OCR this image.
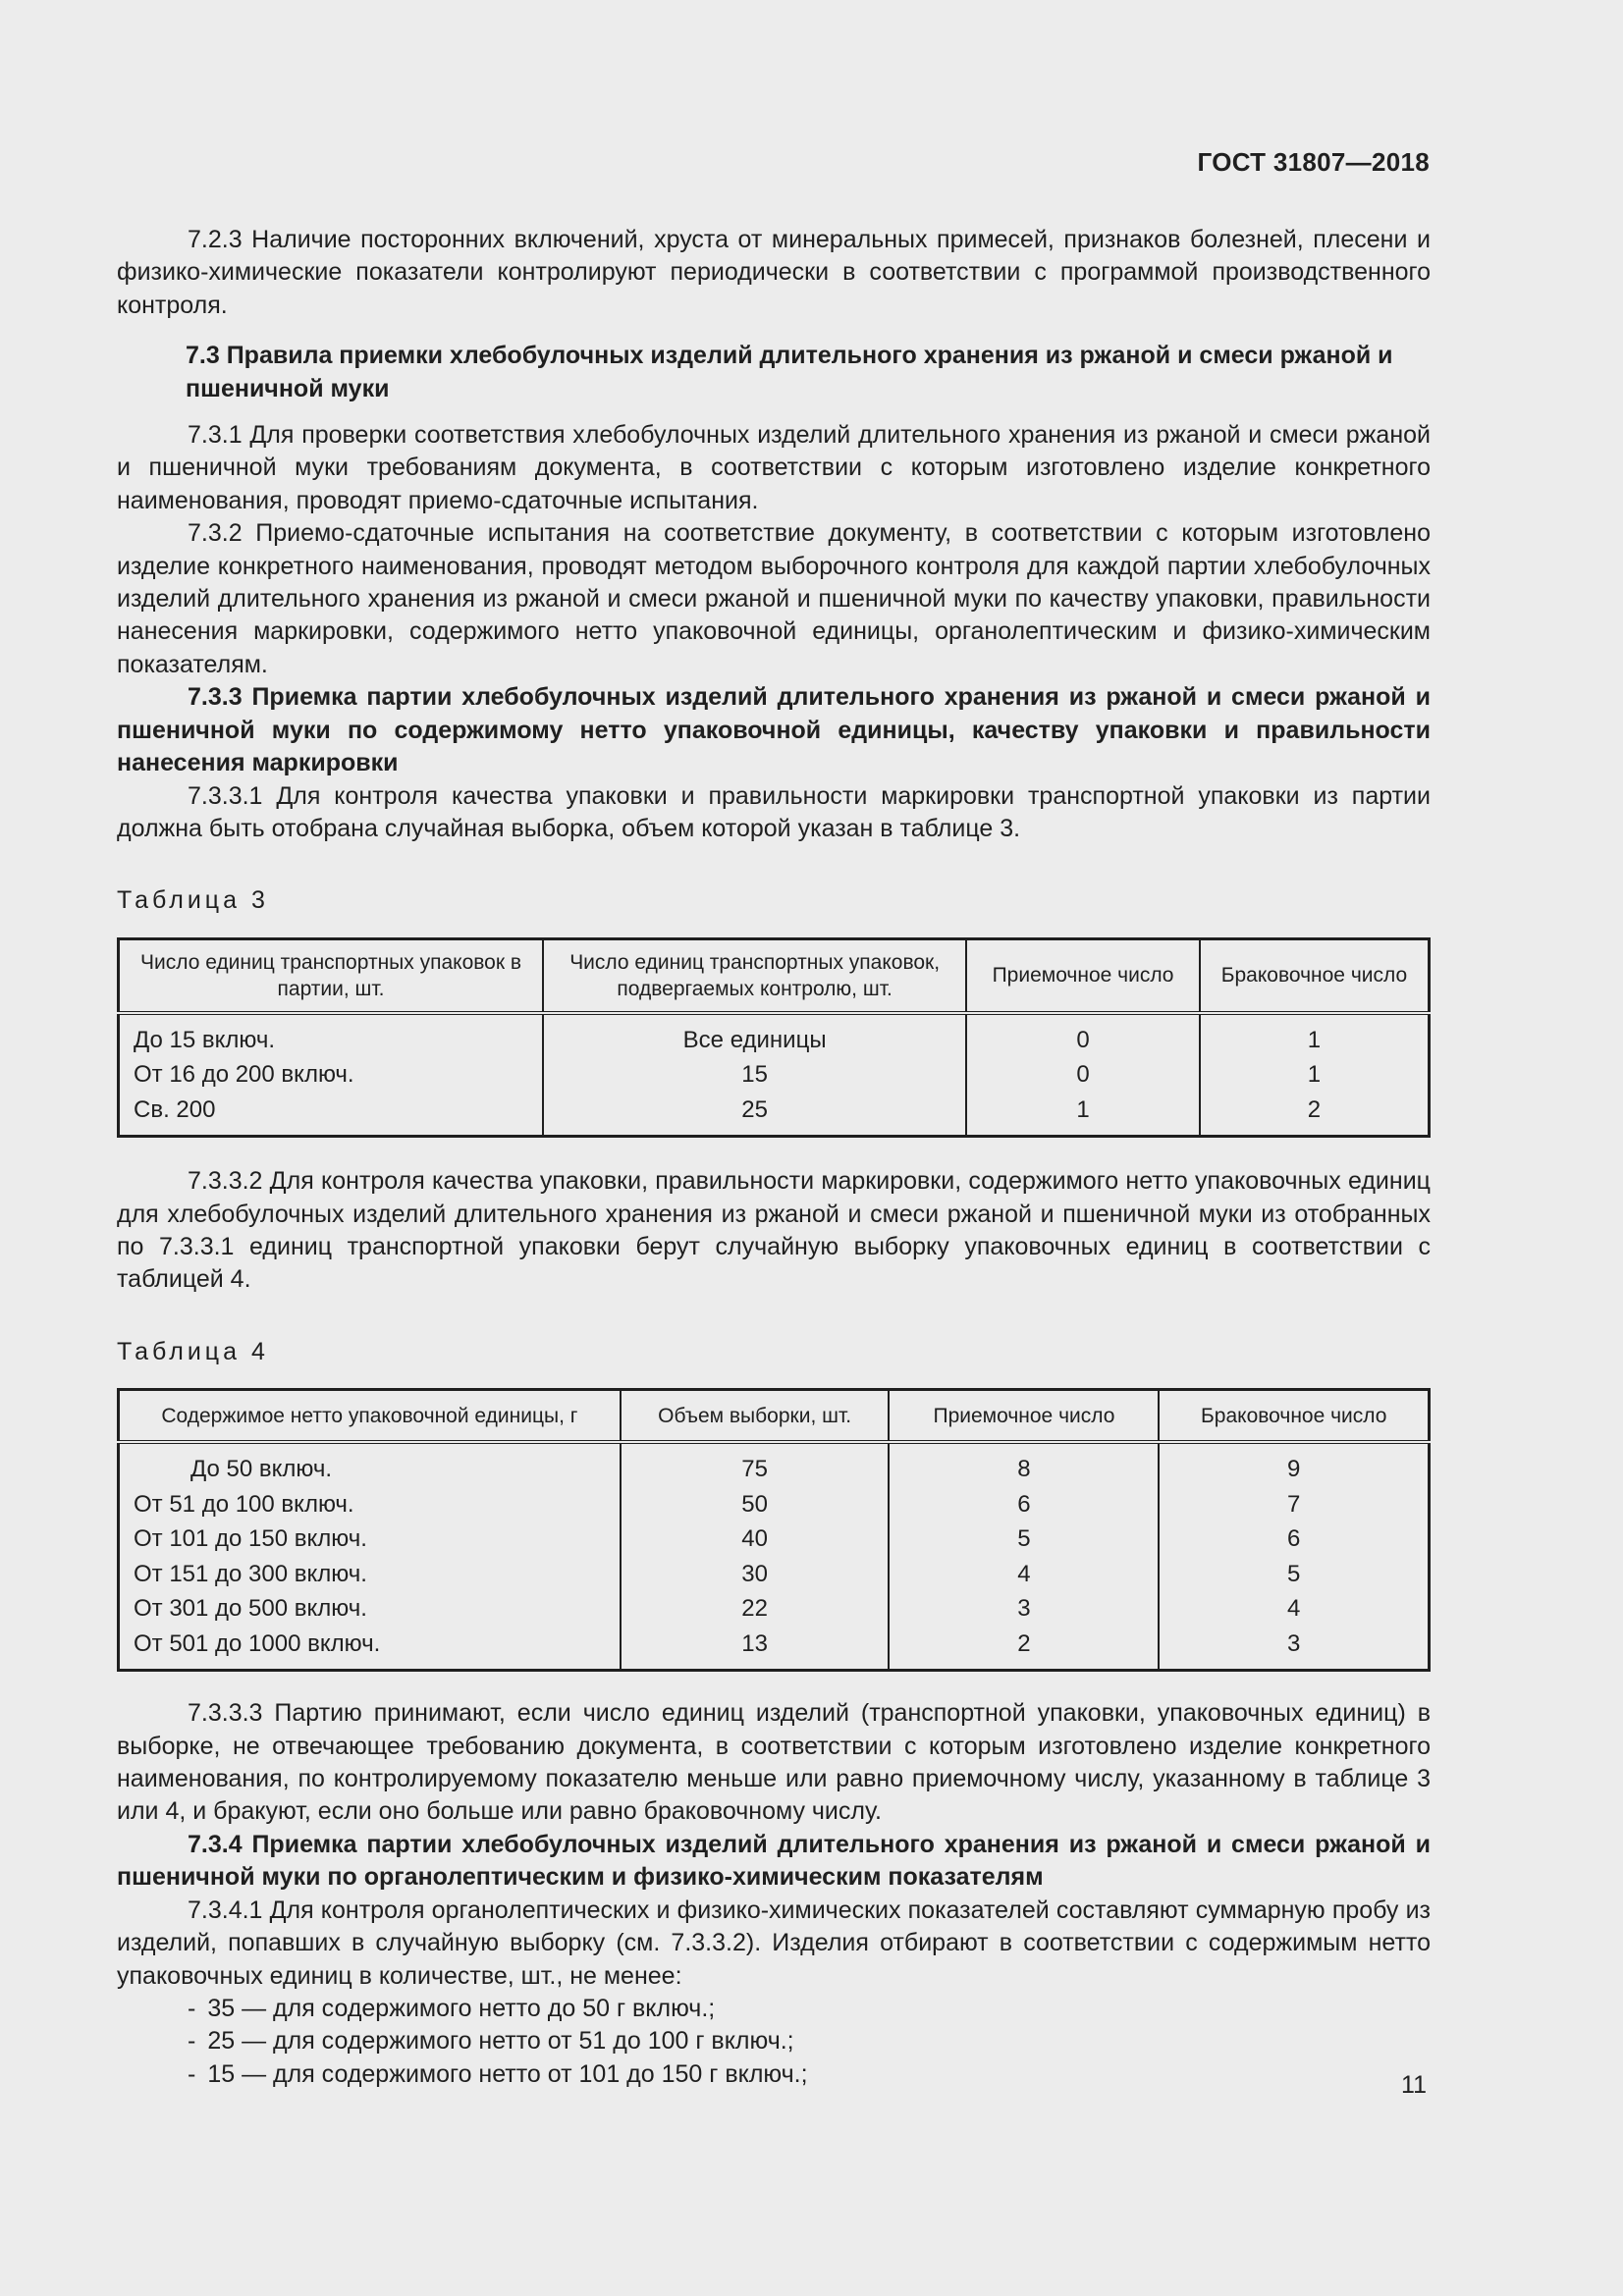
ГОСТ 31807—2018

7.2.3 Наличие посторонних включений, хруста от минеральных примесей, признаков болезней, плесени и физико-химические показатели контролируют периодически в соответствии с программой производственного контроля.

7.3 Правила приемки хлебобулочных изделий длительного хранения из ржаной и смеси ржаной и пшеничной муки

7.3.1 Для проверки соответствия хлебобулочных изделий длительного хранения из ржаной и смеси ржаной и пшеничной муки требованиям документа, в соответствии с которым изготовлено изделие конкретного наименования, проводят приемо-сдаточные испытания.

7.3.2 Приемо-сдаточные испытания на соответствие документу, в соответствии с которым изготовлено изделие конкретного наименования, проводят методом выборочного контроля для каждой партии хлебобулочных изделий длительного хранения из ржаной и смеси ржаной и пшеничной муки по качеству упаковки, правильности нанесения маркировки, содержимого нетто упаковочной единицы, органолептическим и физико-химическим показателям.

7.3.3 Приемка партии хлебобулочных изделий длительного хранения из ржаной и смеси ржаной и пшеничной муки по содержимому нетто упаковочной единицы, качеству упаковки и правильности нанесения маркировки

7.3.3.1 Для контроля качества упаковки и правильности маркировки транспортной упаковки из партии должна быть отобрана случайная выборка, объем которой указан в таблице 3.

Таблица 3
Число единиц транспортных упаковок в партии, шт.	Число единиц транспортных упаковок, подвергаемых контролю, шт.	Приемочное число	Браковочное число
До 15 включ.	Все единицы	0	1
От 16 до 200 включ.	15	0	1
Св. 200	25	1	2

7.3.3.2 Для контроля качества упаковки, правильности маркировки, содержимого нетто упаковочных единиц для хлебобулочных изделий длительного хранения из ржаной и смеси ржаной и пшеничной муки из отобранных по 7.3.3.1 единиц транспортной упаковки берут случайную выборку упаковочных единиц в соответствии с таблицей 4.

Таблица 4
Содержимое нетто упаковочной единицы, г	Объем выборки, шт.	Приемочное число	Браковочное число
До 50 включ.	75	8	9
От 51 до 100 включ.	50	6	7
От 101 до 150 включ.	40	5	6
От 151 до 300 включ.	30	4	5
От 301 до 500 включ.	22	3	4
От 501 до 1000 включ.	13	2	3

7.3.3.3 Партию принимают, если число единиц изделий (транспортной упаковки, упаковочных единиц) в выборке, не отвечающее требованию документа, в соответствии с которым изготовлено изделие конкретного наименования, по контролируемому показателю меньше или равно приемочному числу, указанному в таблице 3 или 4, и бракуют, если оно больше или равно браковочному числу.

7.3.4 Приемка партии хлебобулочных изделий длительного хранения из ржаной и смеси ржаной и пшеничной муки по органолептическим и физико-химическим показателям

7.3.4.1 Для контроля органолептических и физико-химических показателей составляют суммарную пробу из изделий, попавших в случайную выборку (см. 7.3.3.2). Изделия отбирают в соответствии с содержимым нетто упаковочных единиц в количестве, шт., не менее:

- 35 — для содержимого нетто до 50 г включ.;
- 25 — для содержимого нетто от 51 до 100 г включ.;
- 15 — для содержимого нетто от 101 до 150 г включ.;	11
